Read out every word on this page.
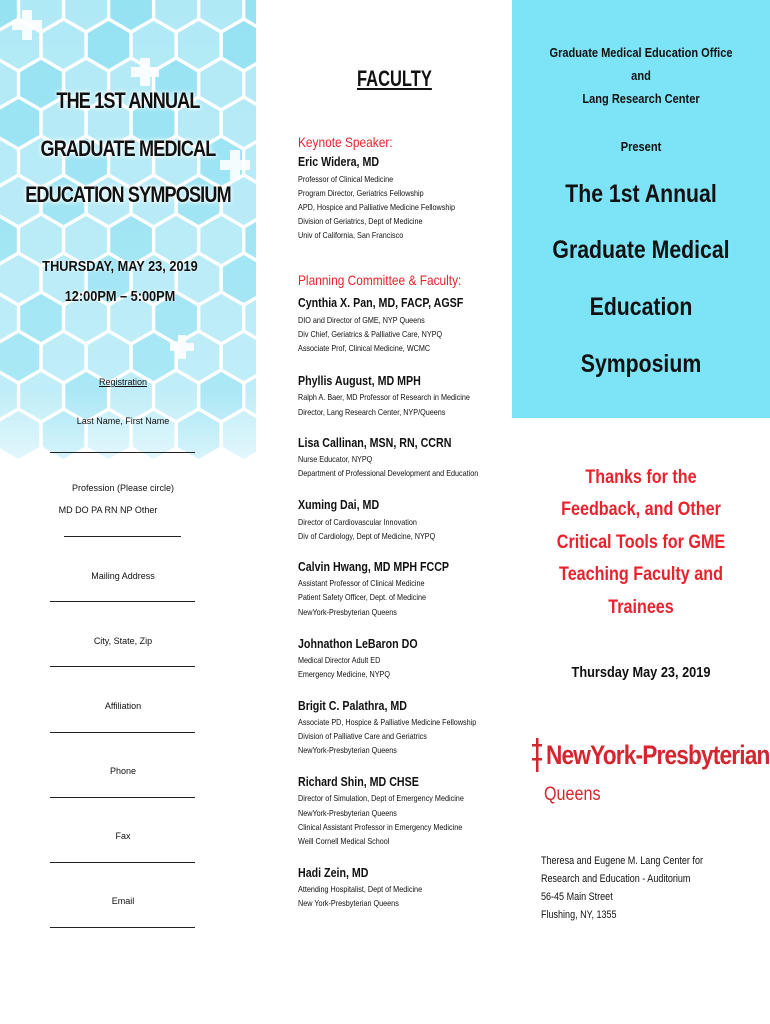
THE 1ST ANNUAL
GRADUATE MEDICAL
EDUCATION SYMPOSIUM
THURSDAY, MAY 23, 2019
12:00PM – 5:00PM
Registration
Last Name, First Name
Profession (Please circle)
MD DO PA RN NP Other
Mailing Address
City, State, Zip
Affiliation
Phone
Fax
Email
FACULTY
Keynote Speaker:
Eric Widera, MD
Professor of Clinical Medicine
Program Director, Geriatrics Fellowship
APD, Hospice and Palliative Medicine Fellowship
Division of Geriatrics, Dept of Medicine
Univ of California, San Francisco
Planning Committee & Faculty:
Cynthia X. Pan, MD, FACP, AGSF
DIO and Director of GME, NYP Queens
Div Chief, Geriatrics & Palliative Care, NYPQ
Associate Prof, Clinical Medicine, WCMC
Phyllis August, MD MPH
Ralph A. Baer, MD Professor of Research in Medicine
Director, Lang Research Center, NYP/Queens
Lisa Callinan, MSN, RN, CCRN
Nurse Educator, NYPQ
Department of Professional Development and Education
Xuming Dai, MD
Director of Cardiovascular Innovation
Div of Cardiology, Dept of Medicine, NYPQ
Calvin Hwang, MD MPH FCCP
Assistant Professor of Clinical Medicine
Patient Safety Officer, Dept. of Medicine
NewYork-Presbyterian Queens
Johnathon LeBaron DO
Medical Director Adult ED
Emergency Medicine, NYPQ
Brigit C. Palathra, MD
Associate PD, Hospice & Palliative Medicine Fellowship
Division of Palliative Care and Geriatrics
NewYork-Presbyterian Queens
Richard Shin, MD CHSE
Director of Simulation, Dept of Emergency Medicine
NewYork-Presbyterian Queens
Clinical Assistant Professor in Emergency Medicine
Weill Cornell Medical School
Hadi Zein, MD
Attending Hospitalist, Dept of Medicine
New York-Presbyterian Queens
Graduate Medical Education Office
and
Lang Research Center
Present
The 1st Annual
Graduate Medical
Education
Symposium
Thanks for the
Feedback, and Other
Critical Tools for GME
Teaching Faculty and
Trainees
Thursday May 23, 2019
NewYork-Presbyterian
Queens
Theresa and Eugene M. Lang Center for
Research and Education - Auditorium
56-45 Main Street
Flushing, NY, 1355
